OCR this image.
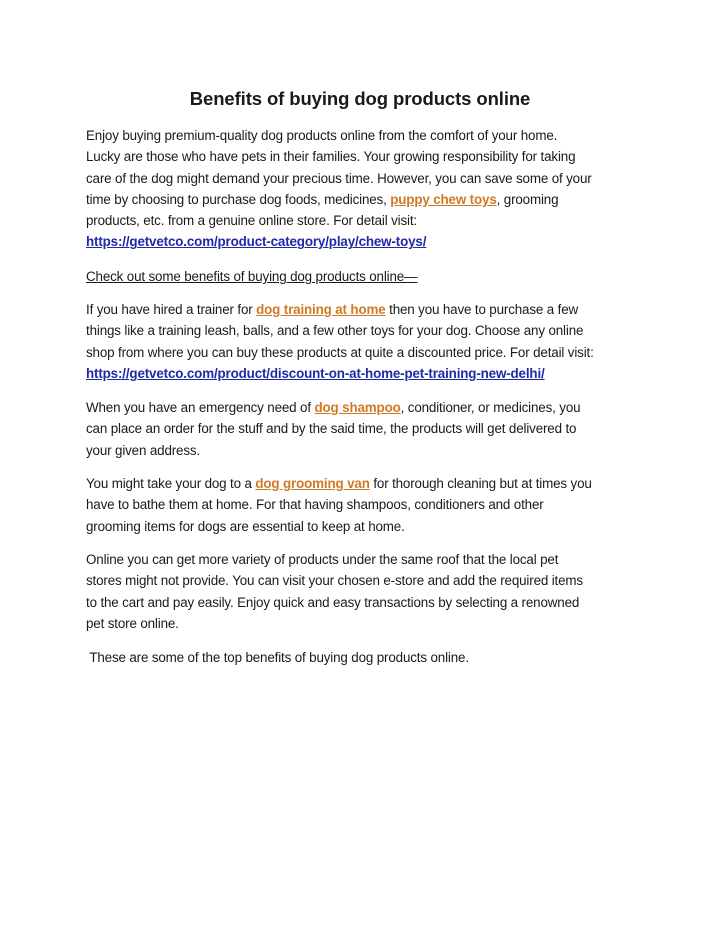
Benefits of buying dog products online
Enjoy buying premium-quality dog products online from the comfort of your home.
Lucky are those who have pets in their families. Your growing responsibility for taking
care of the dog might demand your precious time. However, you can save some of your
time by choosing to purchase dog foods, medicines, puppy chew toys, grooming
products, etc. from a genuine online store. For detail visit:
https://getvetco.com/product-category/play/chew-toys/
Check out some benefits of buying dog products online—
If you have hired a trainer for dog training at home then you have to purchase a few
things like a training leash, balls, and a few other toys for your dog. Choose any online
shop from where you can buy these products at quite a discounted price. For detail visit:
https://getvetco.com/product/discount-on-at-home-pet-training-new-delhi/
When you have an emergency need of dog shampoo, conditioner, or medicines, you
can place an order for the stuff and by the said time, the products will get delivered to
your given address.
You might take your dog to a dog grooming van for thorough cleaning but at times you
have to bathe them at home. For that having shampoos, conditioners and other
grooming items for dogs are essential to keep at home.
Online you can get more variety of products under the same roof that the local pet
stores might not provide. You can visit your chosen e-store and add the required items
to the cart and pay easily. Enjoy quick and easy transactions by selecting a renowned
pet store online.
These are some of the top benefits of buying dog products online.
